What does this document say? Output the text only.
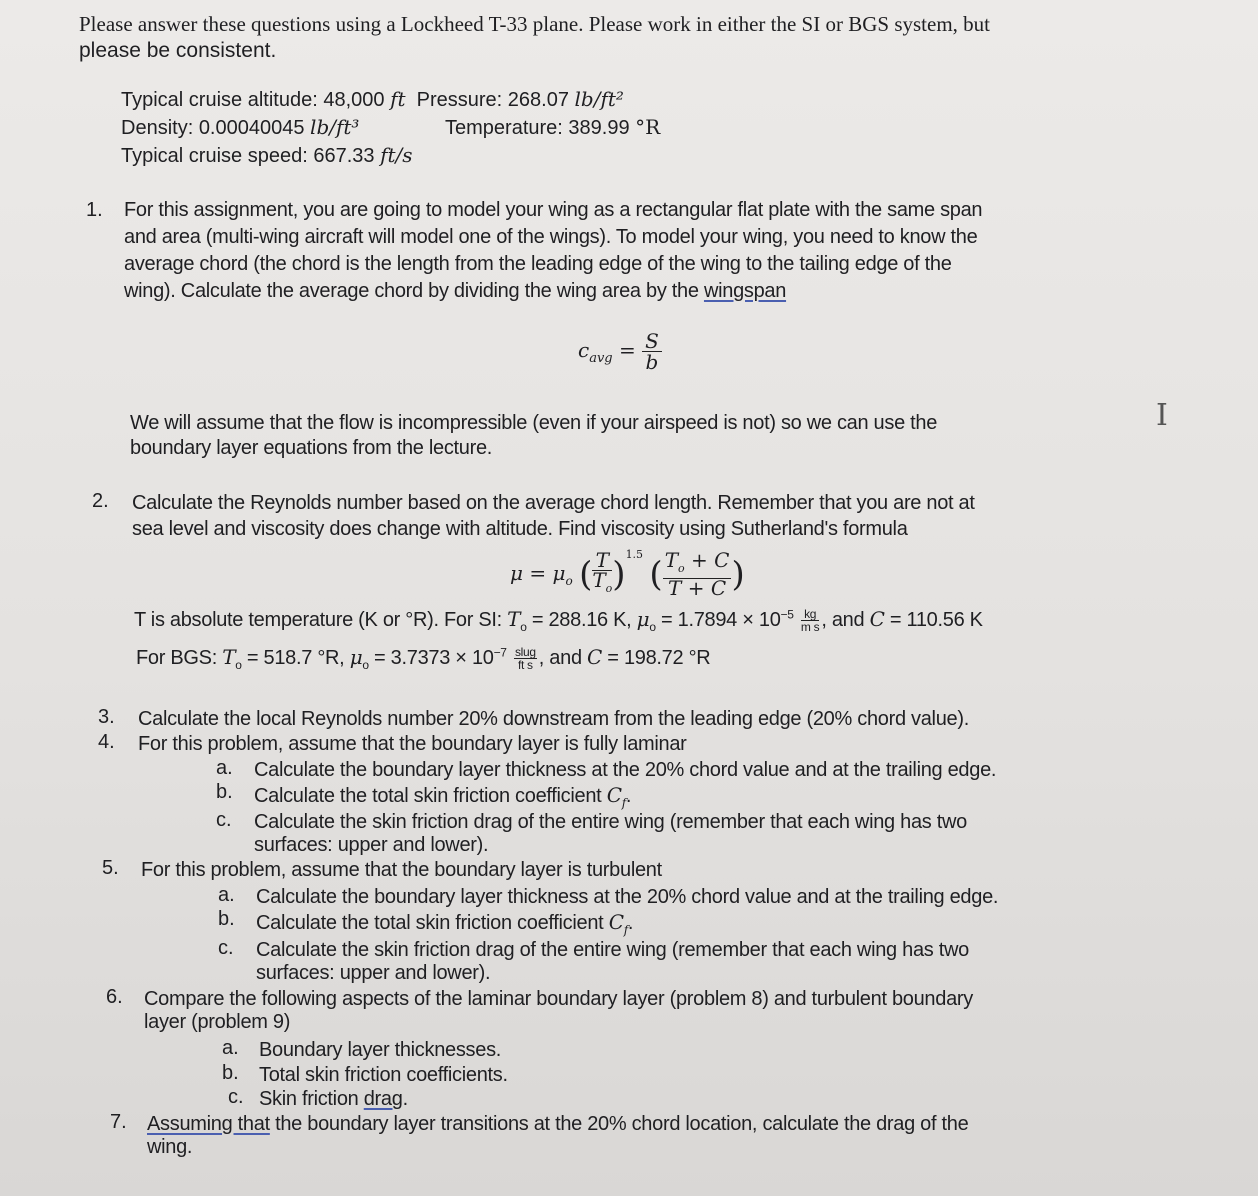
Please answer these questions using a Lockheed T-33 plane. Please work in either the SI or BGS system, but
please be consistent.
Typical cruise altitude: 48,000 ft Pressure: 268.07 lb/ft²
Density: 0.00040045 lb/ft³	Temperature: 389.99 °R
Typical cruise speed: 667.33 ft/s
1. For this assignment, you are going to model your wing as a rectangular flat plate with the same span
and area (multi-wing aircraft will model one of the wings). To model your wing, you need to know the
average chord (the chord is the length from the leading edge of the wing to the tailing edge of the
wing). Calculate the average chord by dividing the wing area by the wingspan
$c_{avg} = \frac{S}{b}$
We will assume that the flow is incompressible (even if your airspeed is not) so we can use the
boundary layer equations from the lecture.
2. Calculate the Reynolds number based on the average chord length. Remember that you are not at
sea level and viscosity does change with altitude. Find viscosity using Sutherland's formula
$\mu = \mu_o$ ( $\frac{T}{T_o} )^{1.5}$ ( $\frac{T_o + C}{T + C}$ )
T is absolute temperature (K or °R). For SI: $T_o = 288.16$ K, $\mu_o = 1.7894 \times 10^{-5} \frac{kg}{\text{m s}}$ , and C = 110.56 K
For BGS: $T_o = 518.7$ °R, $\mu_o = 3.7373 \times 10^{-7} \frac{\text{slug}}{\text{ft s}}$ , and C = 198.72 °R
3. Calculate the local Reynolds number 20% downstream from the leading edge (20% chord value).
4. For this problem, assume that the boundary layer is fully laminar
a. Calculate the boundary layer thickness at the 20% chord value and at the trailing edge.
b. Calculate the total skin friction coefficient $C_f$.
c. Calculate the skin friction drag of the entire wing (remember that each wing has two
surfaces: upper and lower).
5. For this problem, assume that the boundary layer is turbulent
a. Calculate the boundary layer thickness at the 20% chord value and at the trailing edge.
b. Calculate the total skin friction coefficient $C_f$.
c. Calculate the skin friction drag of the entire wing (remember that each wing has two
surfaces: upper and lower).
6. Compare the following aspects of the laminar boundary layer (problem 8) and turbulent boundary
layer (problem 9)
a. Boundary layer thicknesses.
b. Total skin friction coefficients.
c. Skin friction drag.
7. Assuming that the boundary layer transitions at the 20% chord location, calculate the drag of the
wing.
I
